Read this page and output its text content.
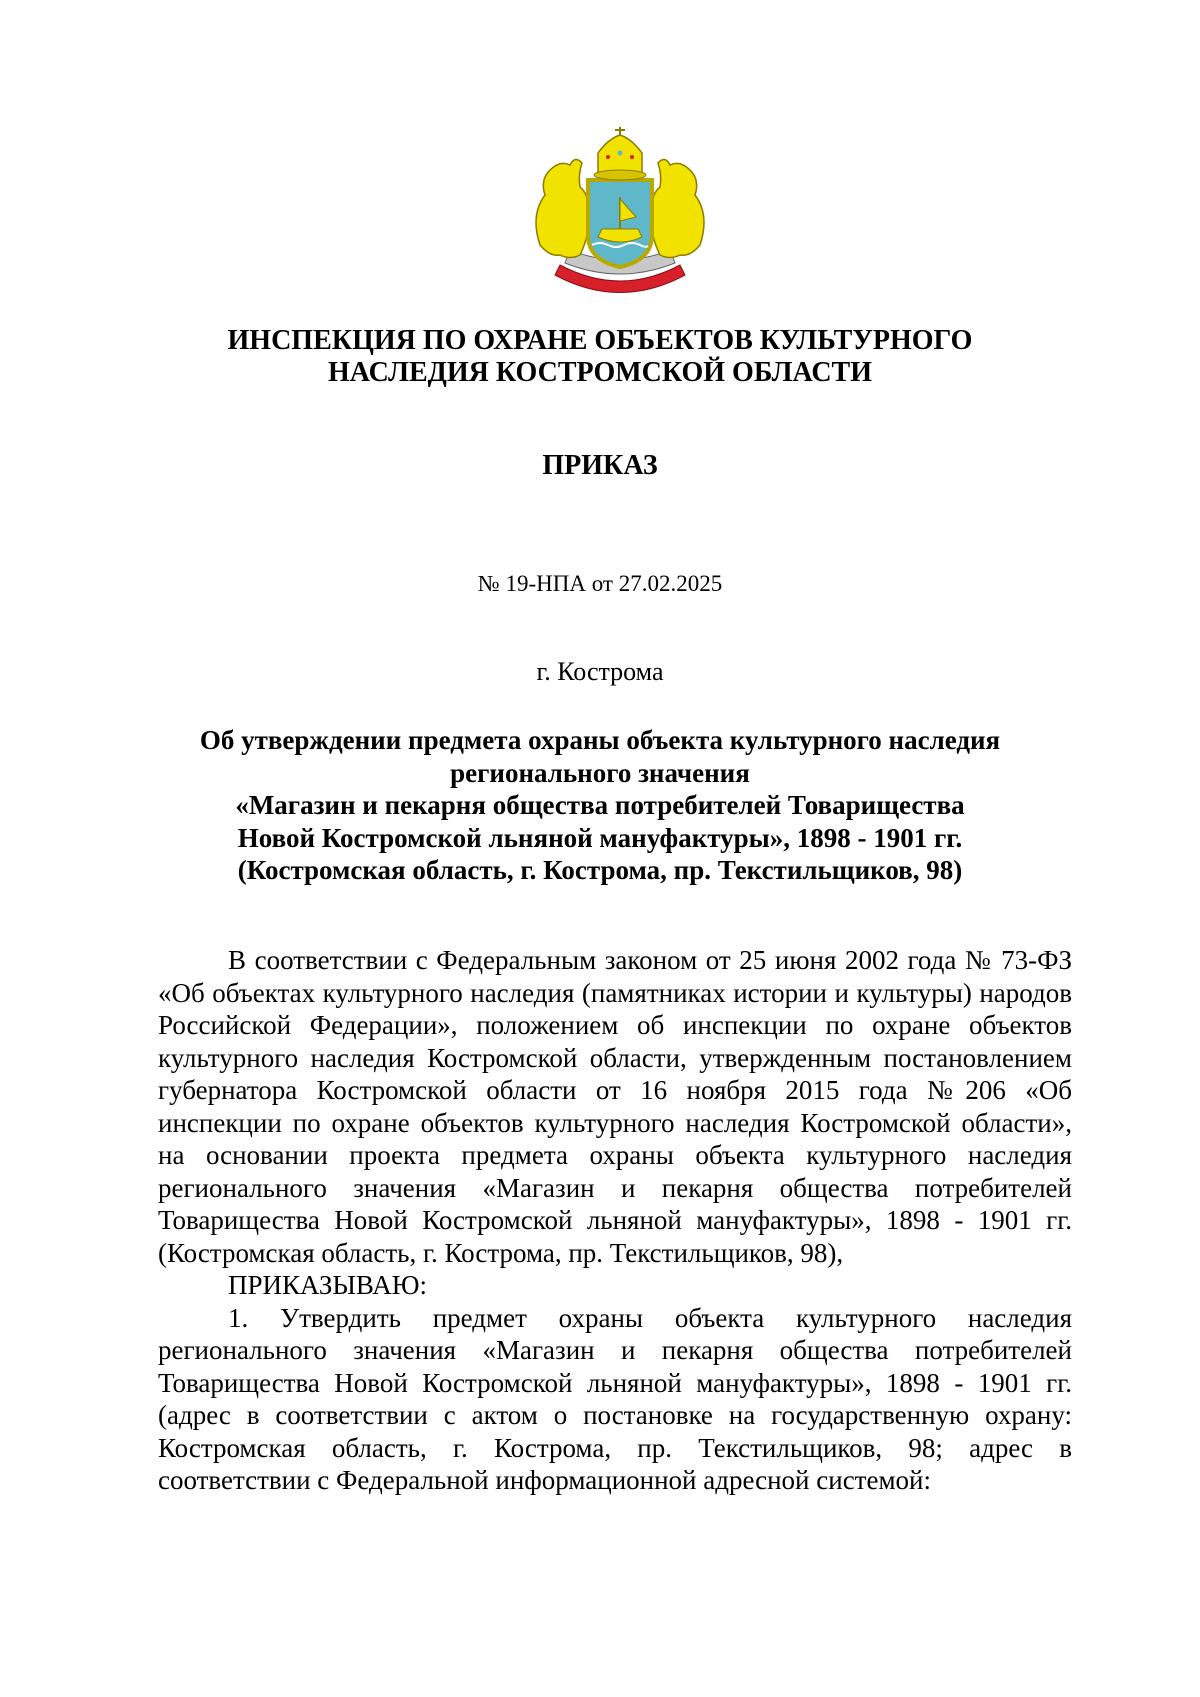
ИНСПЕКЦИЯ ПО ОХРАНЕ ОБЪЕКТОВ КУЛЬТУРНОГО
НАСЛЕДИЯ КОСТРОМСКОЙ ОБЛАСТИ
ПРИКАЗ
№ 19-НПА от 27.02.2025
г. Кострома
Об утверждении предмета охраны объекта культурного наследия
регионального значения
«Магазин и пекарня общества потребителей Товарищества
Новой Костромской льняной мануфактуры», 1898 - 1901 гг.
(Костромская область, г. Кострома, пр. Текстильщиков, 98)

В соответствии с Федеральным законом от 25 июня 2002 года № 73-ФЗ «Об объектах культурного наследия (памятниках истории и культуры) народов Российской Федерации», положением об инспекции по охране объектов культурного наследия Костромской области, утвержденным постановлением губернатора Костромской области от 16 ноября 2015 года №206 «Об инспекции по охране объектов культурного наследия Костромской области», на основании проекта предмета охраны объекта культурного наследия регионального значения «Магазин и пекарня общества потребителей Товарищества Новой Костромской льняной мануфактуры», 1898 - 1901 гг. (Костромская область, г. Кострома, пр. Текстильщиков, 98),

ПРИКАЗЫВАЮ:

1. Утвердить предмет охраны объекта культурного наследия регионального значения «Магазин и пекарня общества потребителей Товарищества Новой Костромской льняной мануфактуры», 1898 - 1901 гг. (адрес в соответствии с актом о постановке на государственную охрану: Костромская область, г. Кострома, пр. Текстильщиков, 98; адрес в соответствии с Федеральной информационной адресной системой:
